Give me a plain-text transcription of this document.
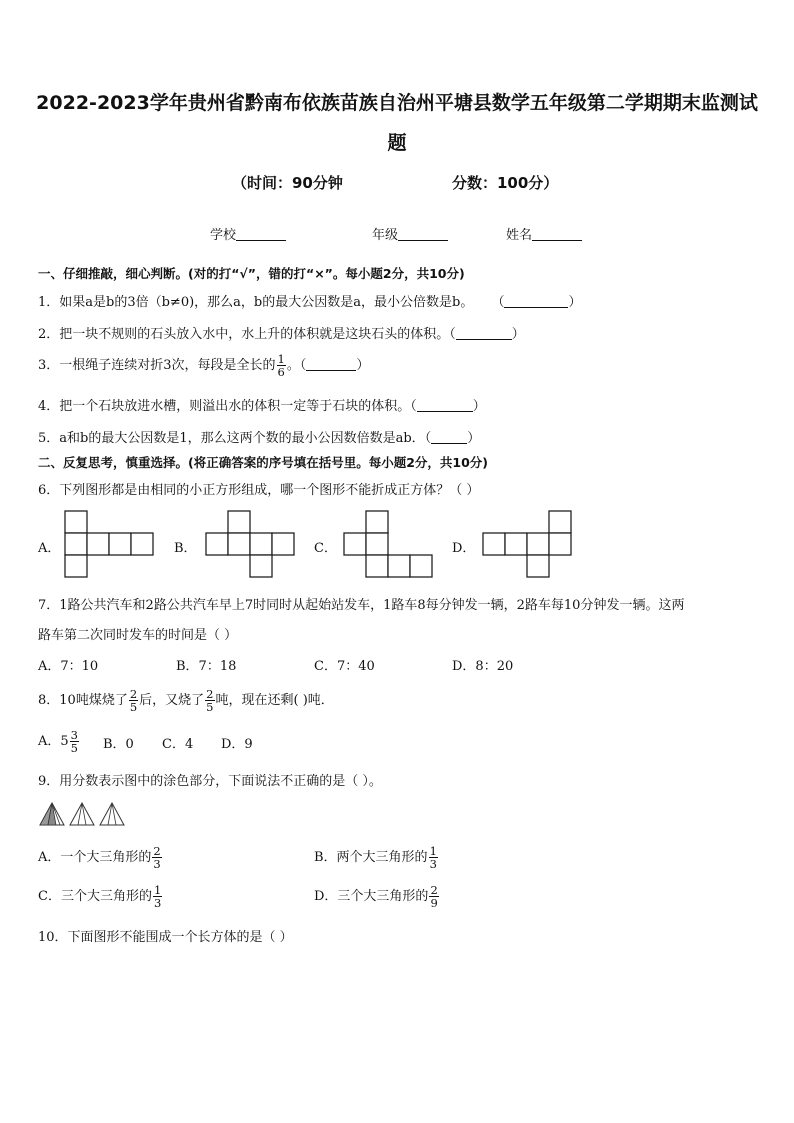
2022-2023学年贵州省黔南布依族苗族自治州平塘县数学五年级第二学期期末监测试
题
（时间：90分钟	分数：100分）
学校	年级	姓名
一、仔细推敲，细心判断。(对的打“√”，错的打“×”。每小题2分，共10分)
1．如果a是b的3倍（b≠0)，那么a，b的最大公因数是a，最小公倍数是b。 （	）
2．把一块不规则的石头放入水中，水上升的体积就是这块石头的体积。（	）
3．一根绳子连续对折3次，每段是全长的 $\frac{1}{6}$ 。（	）
4．把一个石块放进水槽，则溢出水的体积一定等于石块的体积。（	）
5．a和b的最大公因数是1，那么这两个数的最小公因数倍数是ab．（	）
二、反复思考，慎重选择。(将正确答案的序号填在括号里。每小题2分，共10分)
6．下列图形都是由相同的小正方形组成，哪一个图形不能折成正方体？（ ）
A．	B．	C．	D．
7．1路公共汽车和2路公共汽车早上7时同时从起始站发车，1路车8每分钟发一辆，2路车每10分钟发一辆。这两
路车第二次同时发车的时间是（ ）
A．7：10	B．7：18	C．7：40	D．8：20
8．10吨煤烧了 $\frac{2}{5}$ 后，又烧了 $\frac{2}{5}$ 吨，现在还剩( )吨．
A．$5 \frac{3}{5}$ B．0 C．4 D．9
9．用分数表示图中的涂色部分，下面说法不正确的是（ ）。
A．一个大三角形的 $\frac{2}{3}$	B．两个大三角形的 $\frac{1}{3}$
C．三个大三角形的 $\frac{1}{3}$	D．三个大三角形的 $\frac{2}{9}$
10．下面图形不能围成一个长方体的是（ ）
